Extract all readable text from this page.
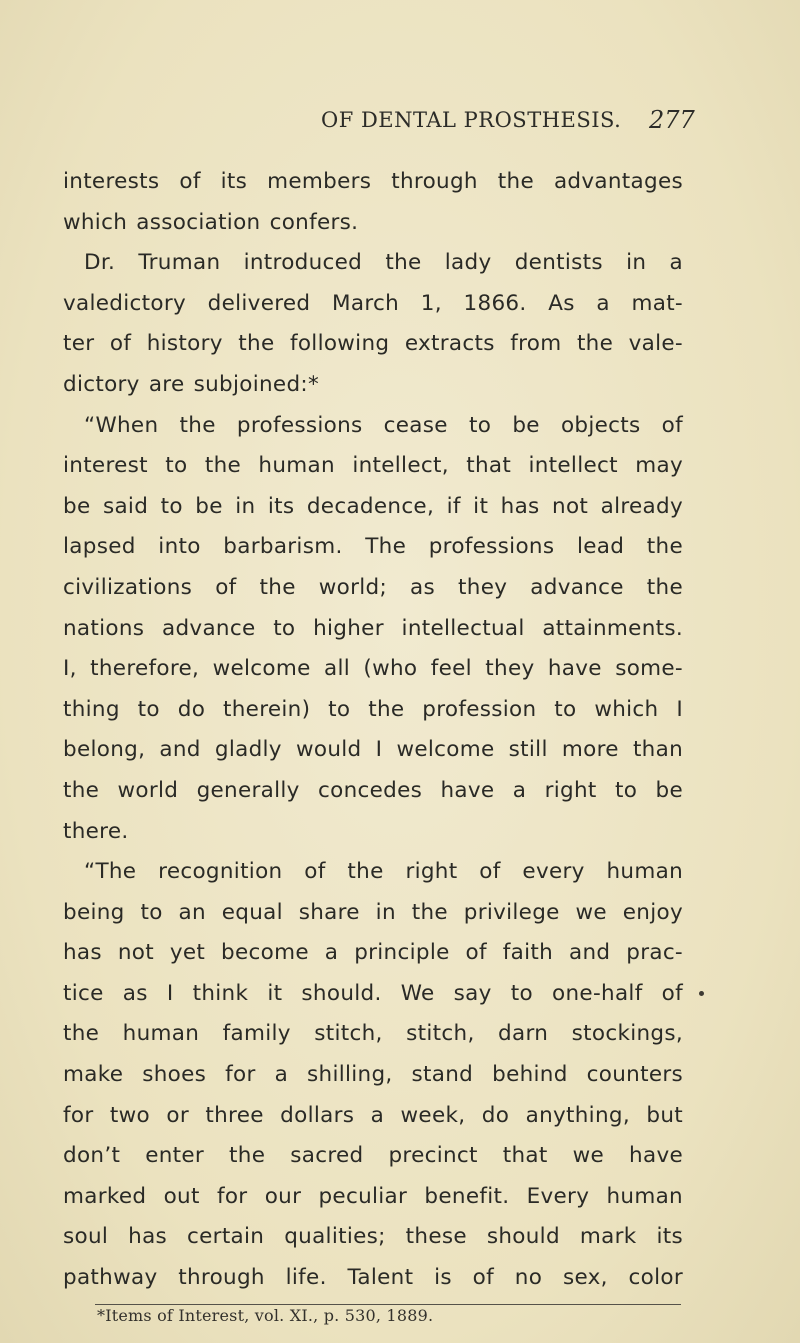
OF DENTAL PROSTHESIS. 277
interests of its members through the advantages
which association confers.
Dr. Truman introduced the lady dentists in a
valedictory delivered March 1, 1866. As a mat-
ter of history the following extracts from the vale-
dictory are subjoined:*
“When the professions cease to be objects of
interest to the human intellect, that intellect may
be said to be in its decadence, if it has not already
lapsed into barbarism. The professions lead the
civilizations of the world; as they advance the
nations advance to higher intellectual attainments.
I, therefore, welcome all (who feel they have some-
thing to do therein) to the profession to which I
belong, and gladly would I welcome still more than
the world generally concedes have a right to be
there.
“The recognition of the right of every human
being to an equal share in the privilege we enjoy
has not yet become a principle of faith and prac-
tice as I think it should. We say to one-half of
the human family stitch, stitch, darn stockings,
make shoes for a shilling, stand behind counters
for two or three dollars a week, do anything, but
don’t enter the sacred precinct that we have
marked out for our peculiar benefit. Every human
soul has certain qualities; these should mark its
pathway through life. Talent is of no sex, color
*Items of Interest, vol. XI., p. 530, 1889.
